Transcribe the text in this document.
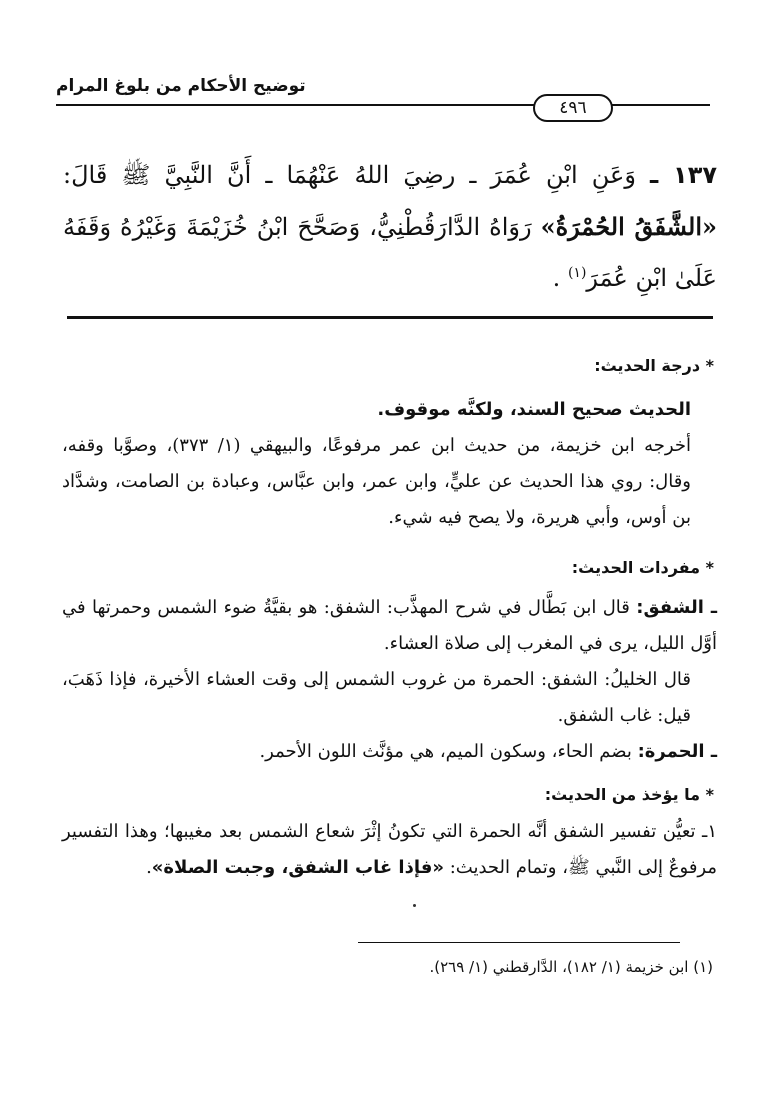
توضيح الأحكام من بلوغ المرام
٤٩٦
١٣٧ ـ وَعَنِ ابْنِ عُمَرَ ـ رضِيَ اللهُ عَنْهُمَا ـ أَنَّ النَّبِيَّ ﷺ قَالَ: «الشَّفَقُ الحُمْرَةُ» رَوَاهُ الدَّارَقُطْنِيُّ، وَصَحَّحَ ابْنُ خُزَيْمَةَ وَغَيْرُهُ وَقَفَهُ عَلَىٰ ابْنِ عُمَرَ$^{(١)}$ .
* درجة الحديث:
الحديث صحيح السند، ولكنَّه موقوف.
أخرجه ابن خزيمة، من حديث ابن عمر مرفوعًا، والبيهقي (١/ ٣٧٣)، وصوَّبا وقفه، وقال: روي هذا الحديث عن عليٍّ، وابن عمر، وابن عبَّاس، وعبادة بن الصامت، وشدَّاد بن أوس، وأبي هريرة، ولا يصح فيه شيء.
* مفردات الحديث:
ـ الشفق: قال ابن بَطَّال في شرح المهذَّب: الشفق: هو بقيَّةُ ضوء الشمس وحمرتها في أوَّل الليل، يرى في المغرب إلى صلاة العشاء.
قال الخليلُ: الشفق: الحمرة من غروب الشمس إلى وقت العشاء الأخيرة، فإذا ذَهَبَ، قيل: غاب الشفق.
ـ الحمرة: بضم الحاء، وسكون الميم، هي مؤنَّث اللون الأحمر.
* ما يؤخذ من الحديث:
١ـ تعيُّن تفسير الشفق أنَّه الحمرة التي تكونُ إثْرَ شعاع الشمس بعد مغيبها؛ وهذا التفسير مرفوعٌ إلى النَّبي ﷺ، وتمام الحديث: «فإذا غاب الشفق، وجبت الصلاة».
(١) ابن خزيمة (١/ ١٨٢)، الدَّارقطني (١/ ٢٦٩).
